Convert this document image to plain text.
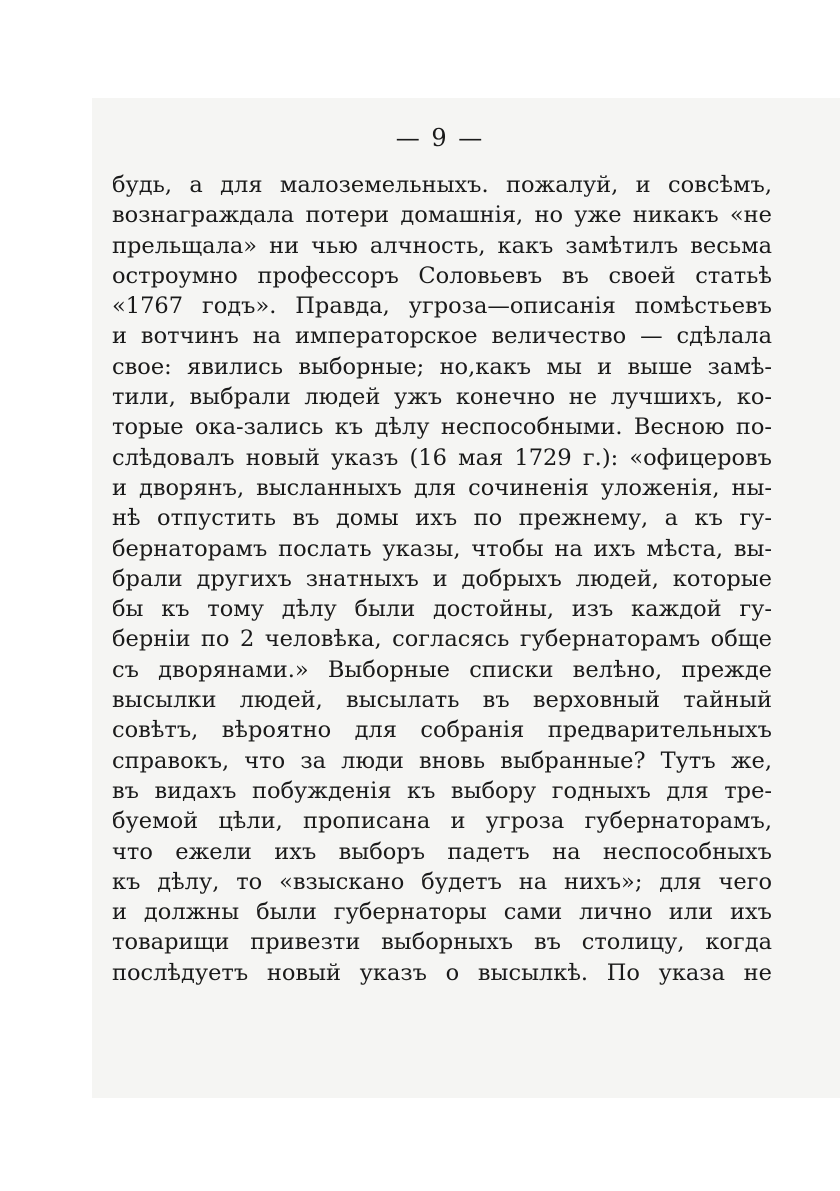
— 9 —
будь, а для малоземельныхъ. пожалуй, и совсѣмъ,
вознаграждала потери домашнія, но уже никакъ «не
прельщала» ни чью алчность, какъ замѣтилъ весьма
остроумно профессоръ Соловьевъ въ своей статьѣ
«1767 годъ». Правда, угроза—описанія помѣстьевъ
и вотчинъ на императорское величество — сдѣлала
свое: явились выборные; но,какъ мы и выше замѣ-
тили, выбрали людей ужъ конечно не лучшихъ, ко-
торые ока-зались къ дѣлу неспособными. Весною по-
слѣдовалъ новый указъ (16 мая 1729 г.): «офицеровъ
и дворянъ, высланныхъ для сочиненія уложенія, ны-
нѣ отпустить въ домы ихъ по прежнему, а къ гу-
бернаторамъ послать указы, чтобы на ихъ мѣста, вы-
брали другихъ знатныхъ и добрыхъ людей, которые
бы къ тому дѣлу были достойны, изъ каждой гу-
берніи по 2 человѣка, согласясь губернаторамъ обще
съ дворянами.» Выборные списки велѣно, прежде
высылки людей, высылать въ верховный тайный
совѣтъ, вѣроятно для собранія предварительныхъ
справокъ, что за люди вновь выбранные? Тутъ же,
въ видахъ побужденія къ выбору годныхъ для тре-
буемой цѣли, прописана и угроза губернаторамъ,
что ежели ихъ выборъ падетъ на неспособныхъ
къ дѣлу, то «взыскано будетъ на нихъ»; для чего
и должны были губернаторы сами лично или ихъ
товарищи привезти выборныхъ въ столицу, когда
послѣдуетъ новый указъ о высылкѣ. По указа не
